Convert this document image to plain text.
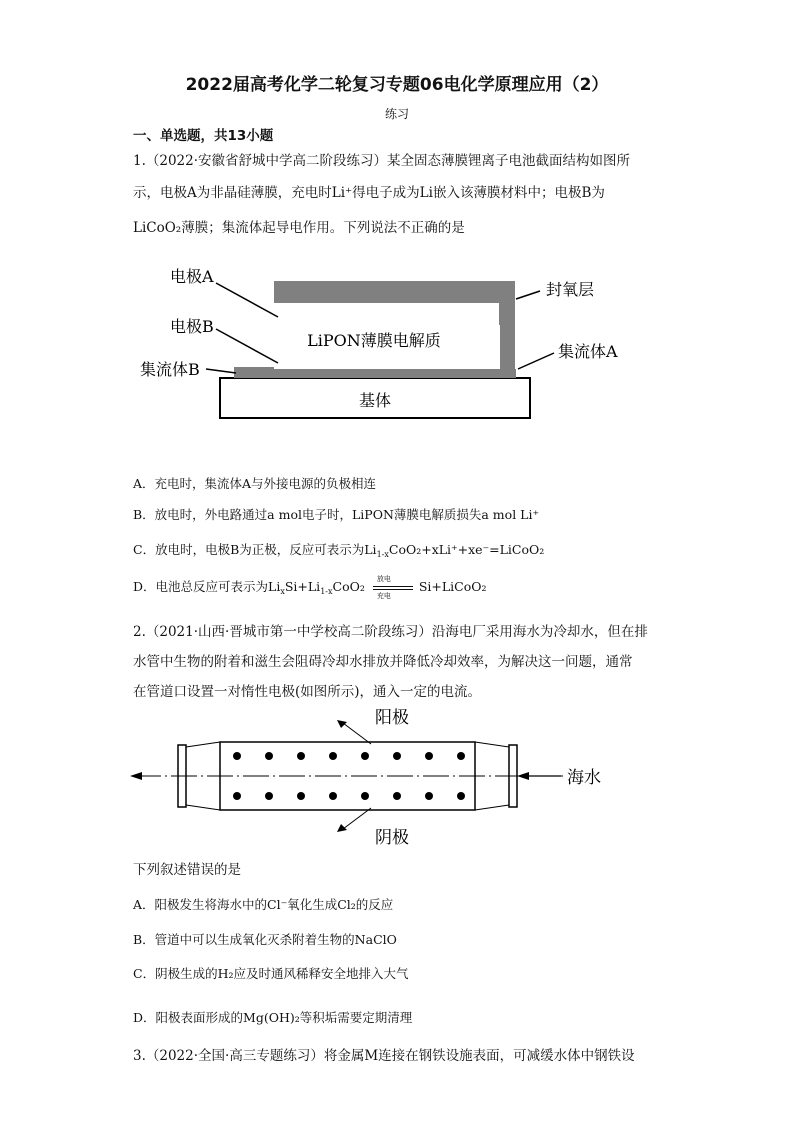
2022届高考化学二轮复习专题06电化学原理应用（2）
练习
一、单选题，共13小题
1.（2022·安徽省舒城中学高二阶段练习）某全固态薄膜锂离子电池截面结构如图所
示，电极A为非晶硅薄膜，充电时Li⁺得电子成为Li嵌入该薄膜材料中；电极B为
LiCoO₂薄膜；集流体起导电作用。下列说法不正确的是
基体
LiPON薄膜电解质
电极A
电极B
集流体B
封氧层
集流体A
A．充电时，集流体A与外接电源的负极相连
B．放电时，外电路通过a mol电子时，LiPON薄膜电解质损失a mol Li⁺
C．放电时，电极B为正极，反应可表示为$Li_{1-x}CoO_2+xLi^++xe^-=LiCoO_2$
D．电池总反应可表示为$Li_xSi+Li_{1-x}CoO_2$
放电
充电
Si+LiCoO₂
2.（2021·山西·晋城市第一中学校高二阶段练习）沿海电厂采用海水为冷却水，但在排
水管中生物的附着和滋生会阻碍冷却水排放并降低冷却效率，为解决这一问题，通常
在管道口设置一对惰性电极(如图所示)，通入一定的电流。
阳极
阴极
海水
下列叙述错误的是
A．阳极发生将海水中的Cl⁻氧化生成Cl₂的反应
B．管道中可以生成氧化灭杀附着生物的NaClO
C．阴极生成的H₂应及时通风稀释安全地排入大气
D．阳极表面形成的Mg(OH)₂等积垢需要定期清理
3.（2022·全国·高三专题练习）将金属M连接在钢铁设施表面，可减缓水体中钢铁设
